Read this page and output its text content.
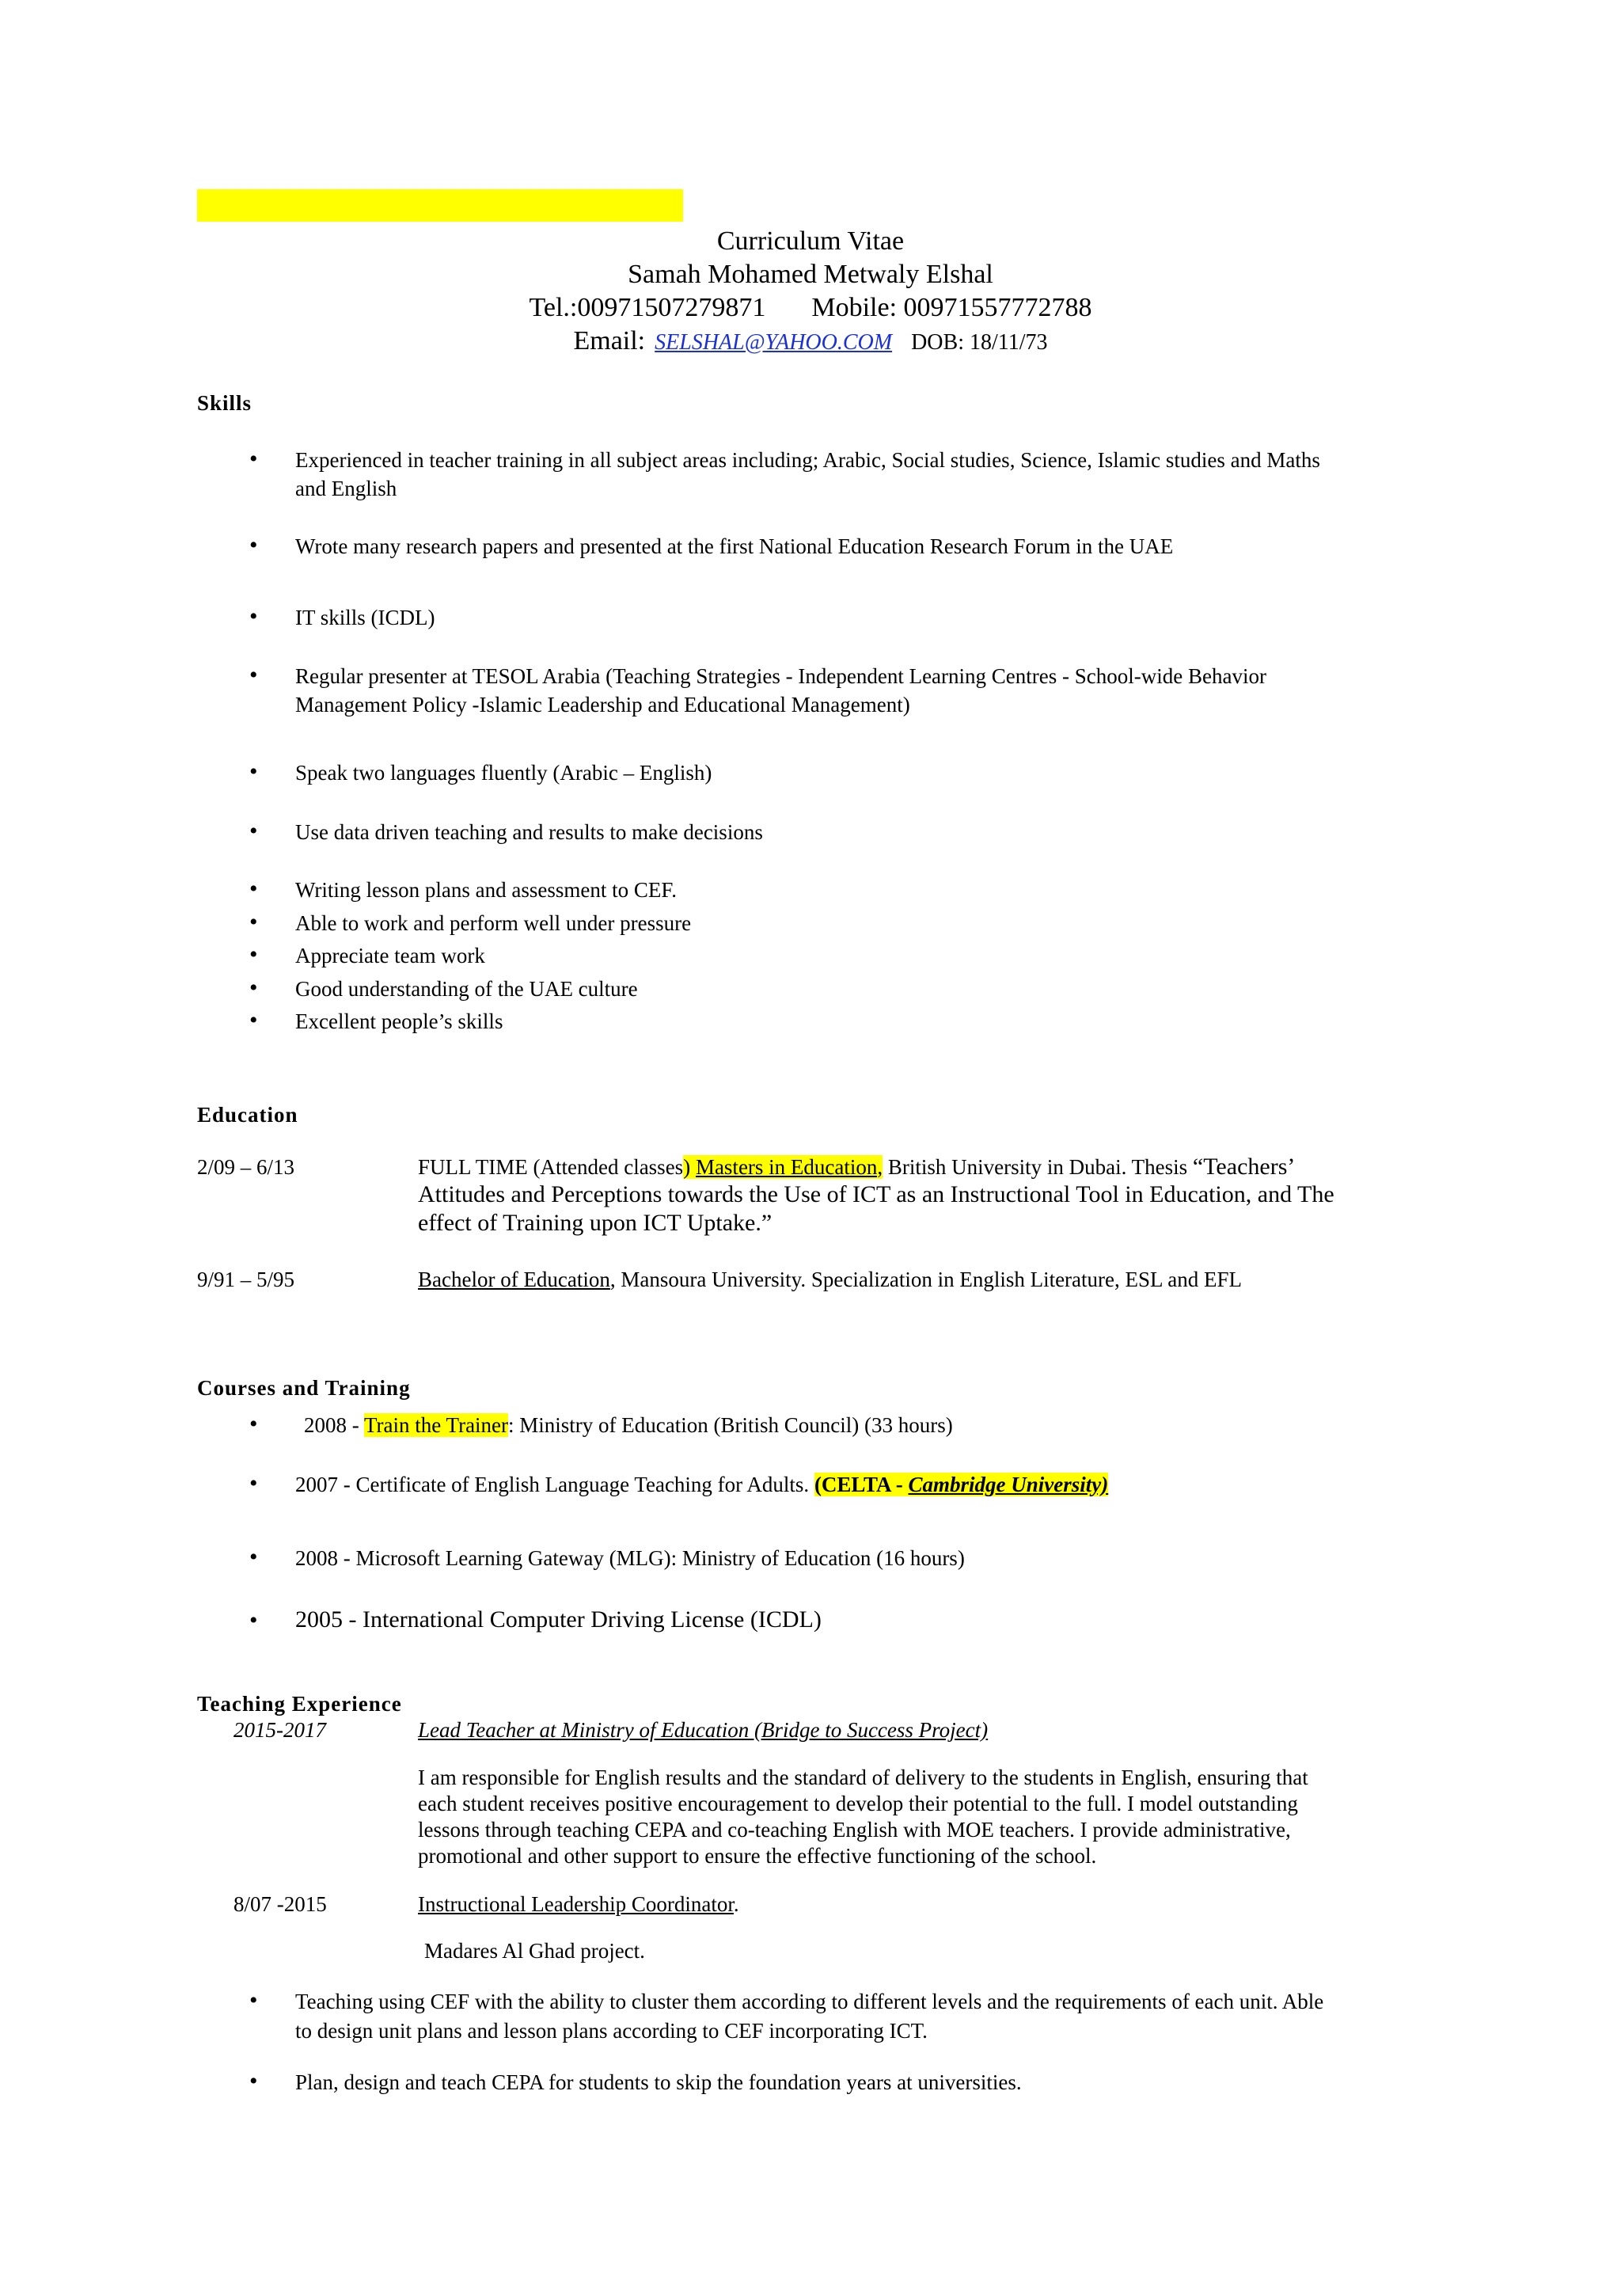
Curriculum Vitae
Samah Mohamed Metwaly Elshal
Tel.:00971507279871 Mobile: 00971557772788
Email: SELSHAL@YAHOO.COM DOB: 18/11/73
Skills
• Experienced in teacher training in all subject areas including; Arabic, Social studies, Science, Islamic studies and Maths
and English
• Wrote many research papers and presented at the first National Education Research Forum in the UAE
• IT skills (ICDL)
• Regular presenter at TESOL Arabia (Teaching Strategies - Independent Learning Centres - School-wide Behavior
Management Policy -Islamic Leadership and Educational Management)
• Speak two languages fluently (Arabic – English)
• Use data driven teaching and results to make decisions
• Writing lesson plans and assessment to CEF.
• Able to work and perform well under pressure
• Appreciate team work
• Good understanding of the UAE culture
• Excellent people’s skills
Education
2/09 – 6/13	FULL TIME (Attended classes) Masters in Education, British University in Dubai. Thesis “Teachers’
Attitudes and Perceptions towards the Use of ICT as an Instructional Tool in Education, and The
effect of Training upon ICT Uptake.”
9/91 – 5/95	Bachelor of Education, Mansoura University. Specialization in English Literature, ESL and EFL
Courses and Training
• 2008 - Train the Trainer: Ministry of Education (British Council) (33 hours)
• 2007 - Certificate of English Language Teaching for Adults. (CELTA - Cambridge University)
• 2008 - Microsoft Learning Gateway (MLG): Ministry of Education (16 hours)
• 2005 - International Computer Driving License (ICDL)
Teaching Experience
2015-2017	Lead Teacher at Ministry of Education (Bridge to Success Project)
I am responsible for English results and the standard of delivery to the students in English, ensuring that
each student receives positive encouragement to develop their potential to the full. I model outstanding
lessons through teaching CEPA and co-teaching English with MOE teachers. I provide administrative,
promotional and other support to ensure the effective functioning of the school.
8/07 -2015	Instructional Leadership Coordinator.
Madares Al Ghad project.
• Teaching using CEF with the ability to cluster them according to different levels and the requirements of each unit. Able
to design unit plans and lesson plans according to CEF incorporating ICT.
• Plan, design and teach CEPA for students to skip the foundation years at universities.
